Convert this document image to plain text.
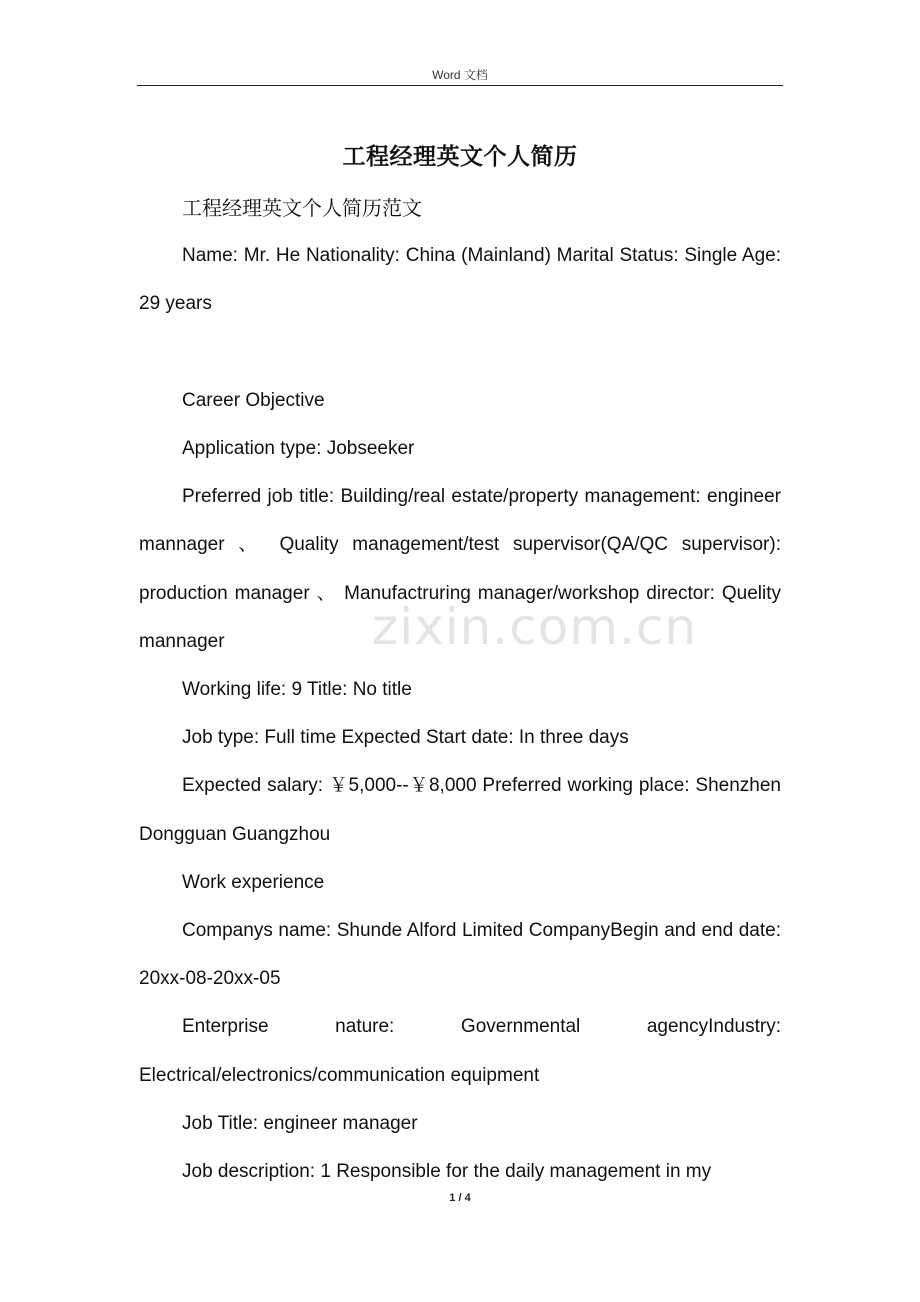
Word 文档
工程经理英文个人简历

工程经理英文个人简历范文

Name: Mr. He Nationality: China (Mainland) Marital Status: Single Age: 29 years

Career Objective

Application type: Jobseeker

Preferred job title: Building/real estate/property management: engineer mannager 、 Quality management/test supervisor(QA/QC supervisor): production manager 、 Manufactruring manager/workshop director: Quelity mannager

Working life: 9 Title: No title

Job type: Full time Expected Start date: In three days

Expected salary: ￥5,000--￥8,000 Preferred working place: Shenzhen Dongguan Guangzhou

Work experience

Companys name: Shunde Alford Limited CompanyBegin and end date: 20xx-08-20xx-05

Enterprise nature: Governmental agencyIndustry: Electrical/electronics/communication equipment

Job Title: engineer manager

Job description: 1 Responsible for the daily management in my

zixin.com.cn
1 / 4
